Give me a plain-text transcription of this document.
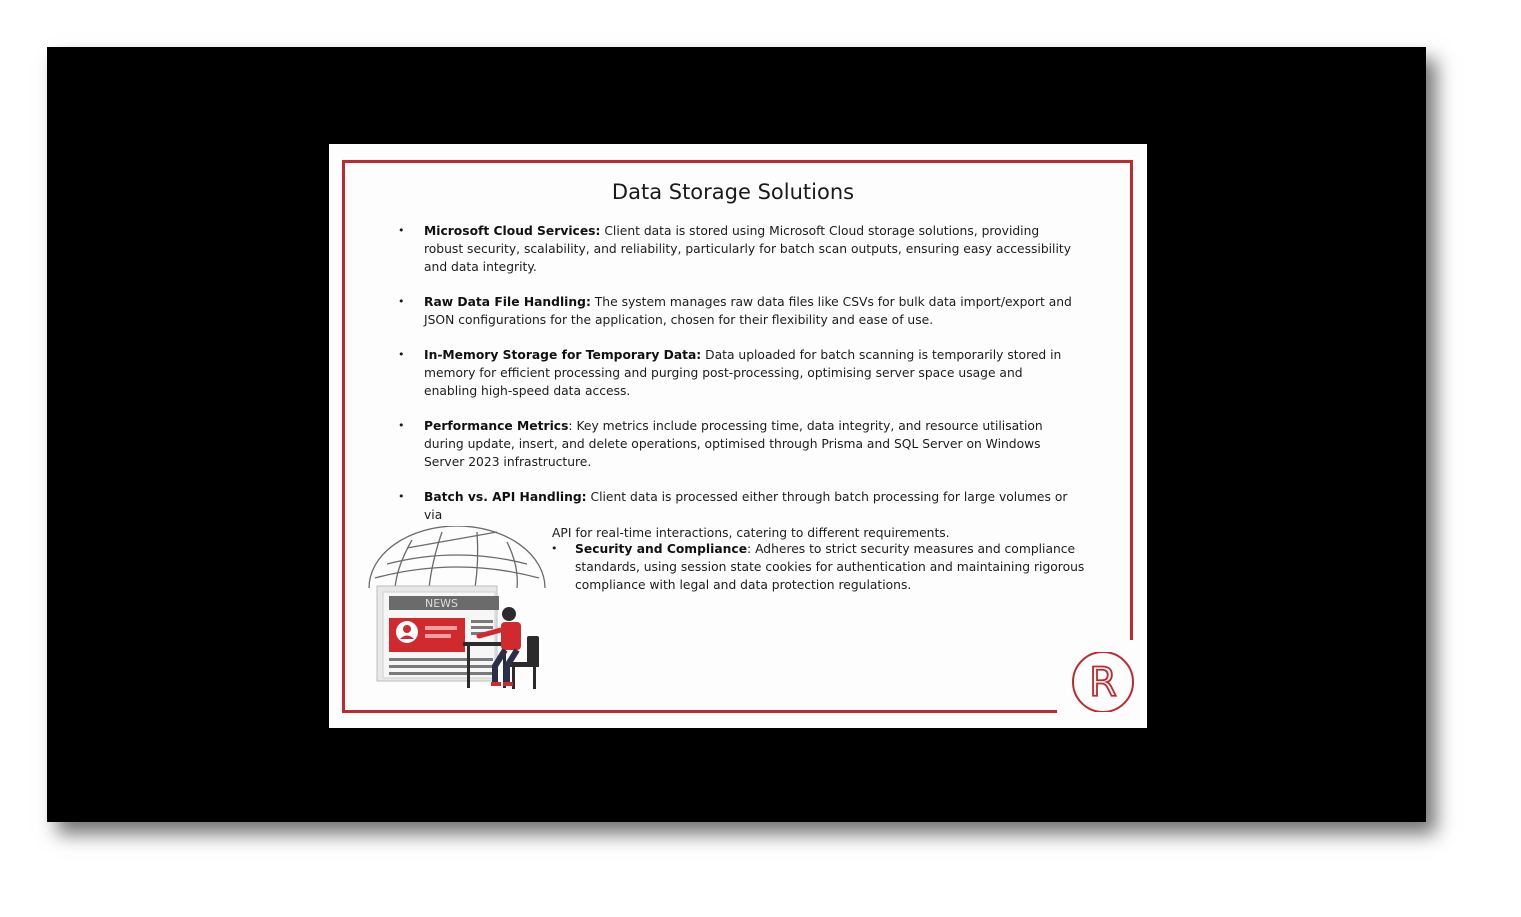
Data Storage Solutions
• Microsoft Cloud Services: Client data is stored using Microsoft Cloud storage solutions, providing robust security, scalability, and reliability, particularly for batch scan outputs, ensuring easy accessibility and data integrity.
• Raw Data File Handling: The system manages raw data files like CSVs for bulk data import/export and JSON configurations for the application, chosen for their flexibility and ease of use.
• In-Memory Storage for Temporary Data: Data uploaded for batch scanning is temporarily stored in memory for efficient processing and purging post-processing, optimising server space usage and enabling high-speed data access.
• Performance Metrics: Key metrics include processing time, data integrity, and resource utilisation during update, insert, and delete operations, optimised through Prisma and SQL Server on Windows Server 2023 infrastructure.
• Batch vs. API Handling: Client data is processed either through batch processing for large volumes or via
API for real-time interactions, catering to different requirements.
• Security and Compliance: Adheres to strict security measures and compliance standards, using session state cookies for authentication and maintaining rigorous compliance with legal and data protection regulations.
NEWS
R
